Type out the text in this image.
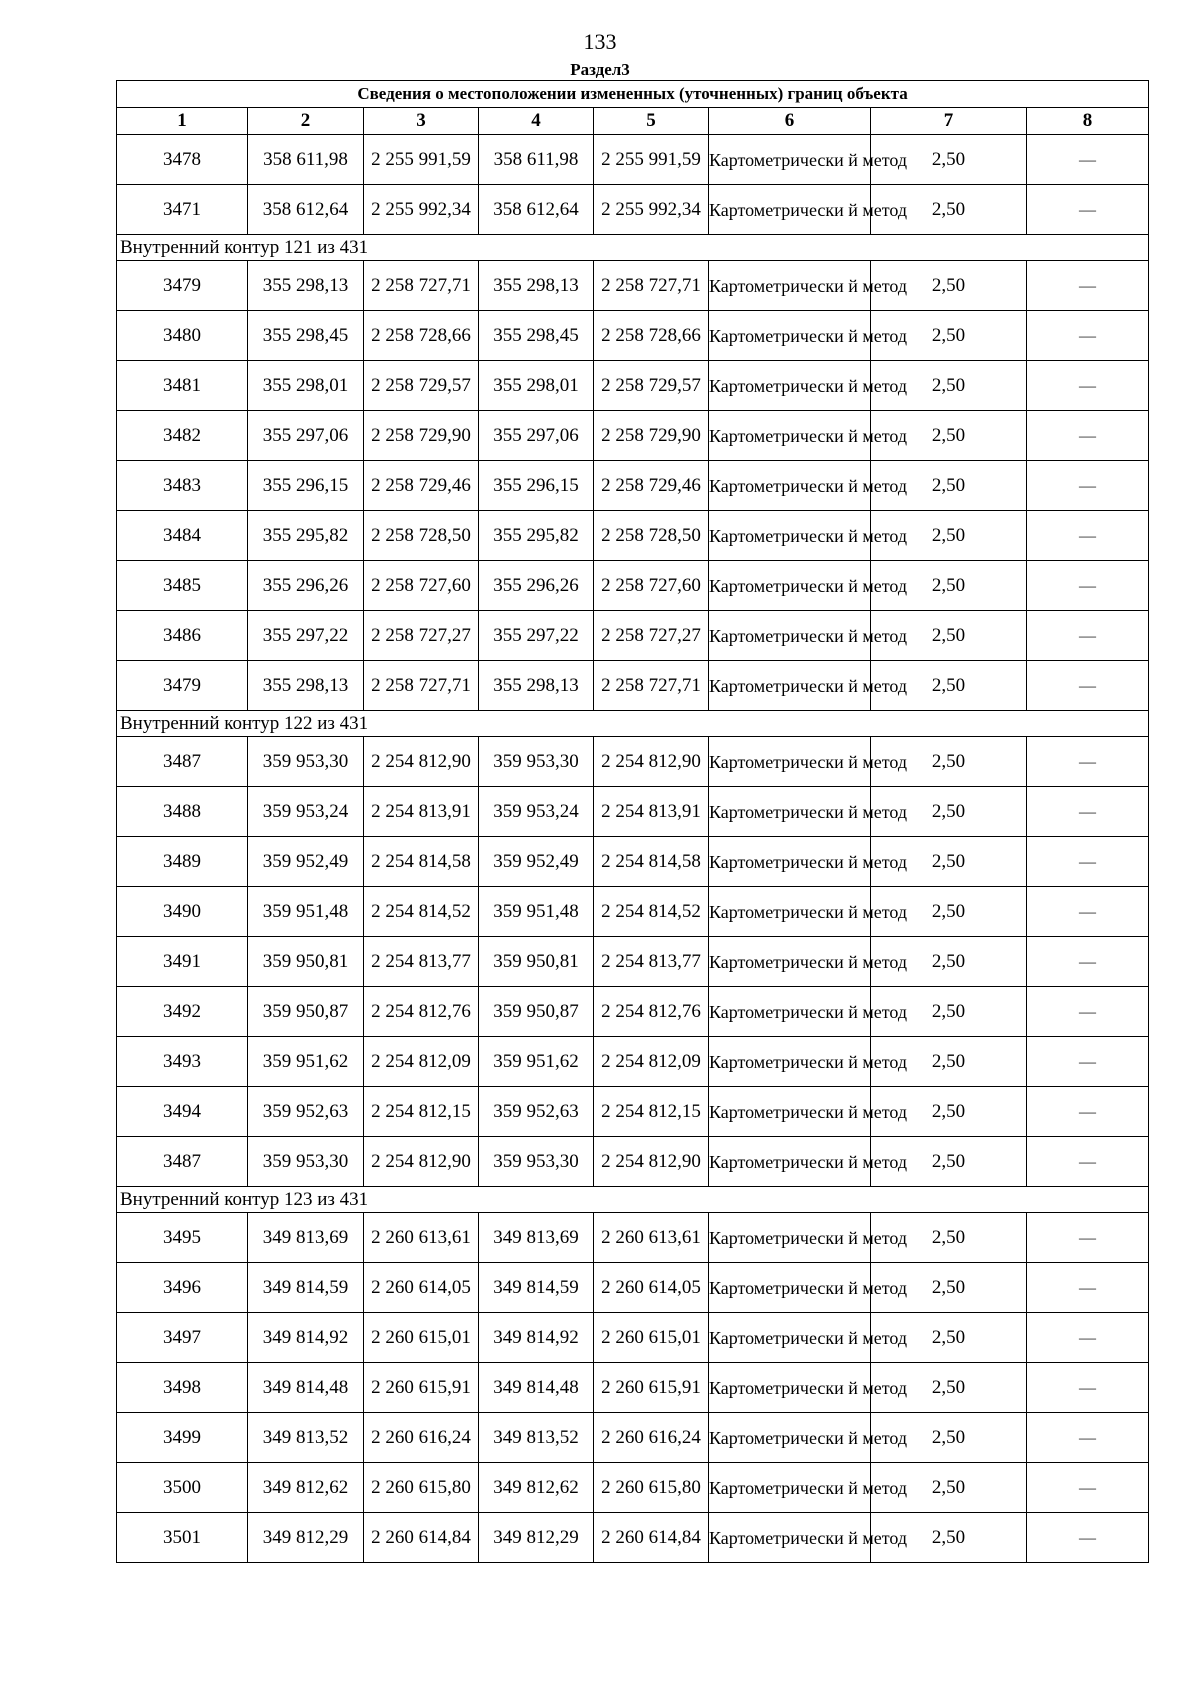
133
Раздел3
Сведения о местоположении измененных (уточненных) границ объекта							
1	2	3	4	5	6	7	8
3478	358 611,98	2 255 991,59	358 611,98	2 255 991,59	Картометрически й метод	2,50	—
3471	358 612,64	2 255 992,34	358 612,64	2 255 992,34	Картометрически й метод	2,50	—
Внутренний контур 121 из 431							
3479	355 298,13	2 258 727,71	355 298,13	2 258 727,71	Картометрически й метод	2,50	—
3480	355 298,45	2 258 728,66	355 298,45	2 258 728,66	Картометрически й метод	2,50	—
3481	355 298,01	2 258 729,57	355 298,01	2 258 729,57	Картометрически й метод	2,50	—
3482	355 297,06	2 258 729,90	355 297,06	2 258 729,90	Картометрически й метод	2,50	—
3483	355 296,15	2 258 729,46	355 296,15	2 258 729,46	Картометрически й метод	2,50	—
3484	355 295,82	2 258 728,50	355 295,82	2 258 728,50	Картометрически й метод	2,50	—
3485	355 296,26	2 258 727,60	355 296,26	2 258 727,60	Картометрически й метод	2,50	—
3486	355 297,22	2 258 727,27	355 297,22	2 258 727,27	Картометрически й метод	2,50	—
3479	355 298,13	2 258 727,71	355 298,13	2 258 727,71	Картометрически й метод	2,50	—
Внутренний контур 122 из 431							
3487	359 953,30	2 254 812,90	359 953,30	2 254 812,90	Картометрически й метод	2,50	—
3488	359 953,24	2 254 813,91	359 953,24	2 254 813,91	Картометрически й метод	2,50	—
3489	359 952,49	2 254 814,58	359 952,49	2 254 814,58	Картометрически й метод	2,50	—
3490	359 951,48	2 254 814,52	359 951,48	2 254 814,52	Картометрически й метод	2,50	—
3491	359 950,81	2 254 813,77	359 950,81	2 254 813,77	Картометрически й метод	2,50	—
3492	359 950,87	2 254 812,76	359 950,87	2 254 812,76	Картометрически й метод	2,50	—
3493	359 951,62	2 254 812,09	359 951,62	2 254 812,09	Картометрически й метод	2,50	—
3494	359 952,63	2 254 812,15	359 952,63	2 254 812,15	Картометрически й метод	2,50	—
3487	359 953,30	2 254 812,90	359 953,30	2 254 812,90	Картометрически й метод	2,50	—
Внутренний контур 123 из 431							
3495	349 813,69	2 260 613,61	349 813,69	2 260 613,61	Картометрически й метод	2,50	—
3496	349 814,59	2 260 614,05	349 814,59	2 260 614,05	Картометрически й метод	2,50	—
3497	349 814,92	2 260 615,01	349 814,92	2 260 615,01	Картометрически й метод	2,50	—
3498	349 814,48	2 260 615,91	349 814,48	2 260 615,91	Картометрически й метод	2,50	—
3499	349 813,52	2 260 616,24	349 813,52	2 260 616,24	Картометрически й метод	2,50	—
3500	349 812,62	2 260 615,80	349 812,62	2 260 615,80	Картометрически й метод	2,50	—
3501	349 812,29	2 260 614,84	349 812,29	2 260 614,84	Картометрически й метод	2,50	—
